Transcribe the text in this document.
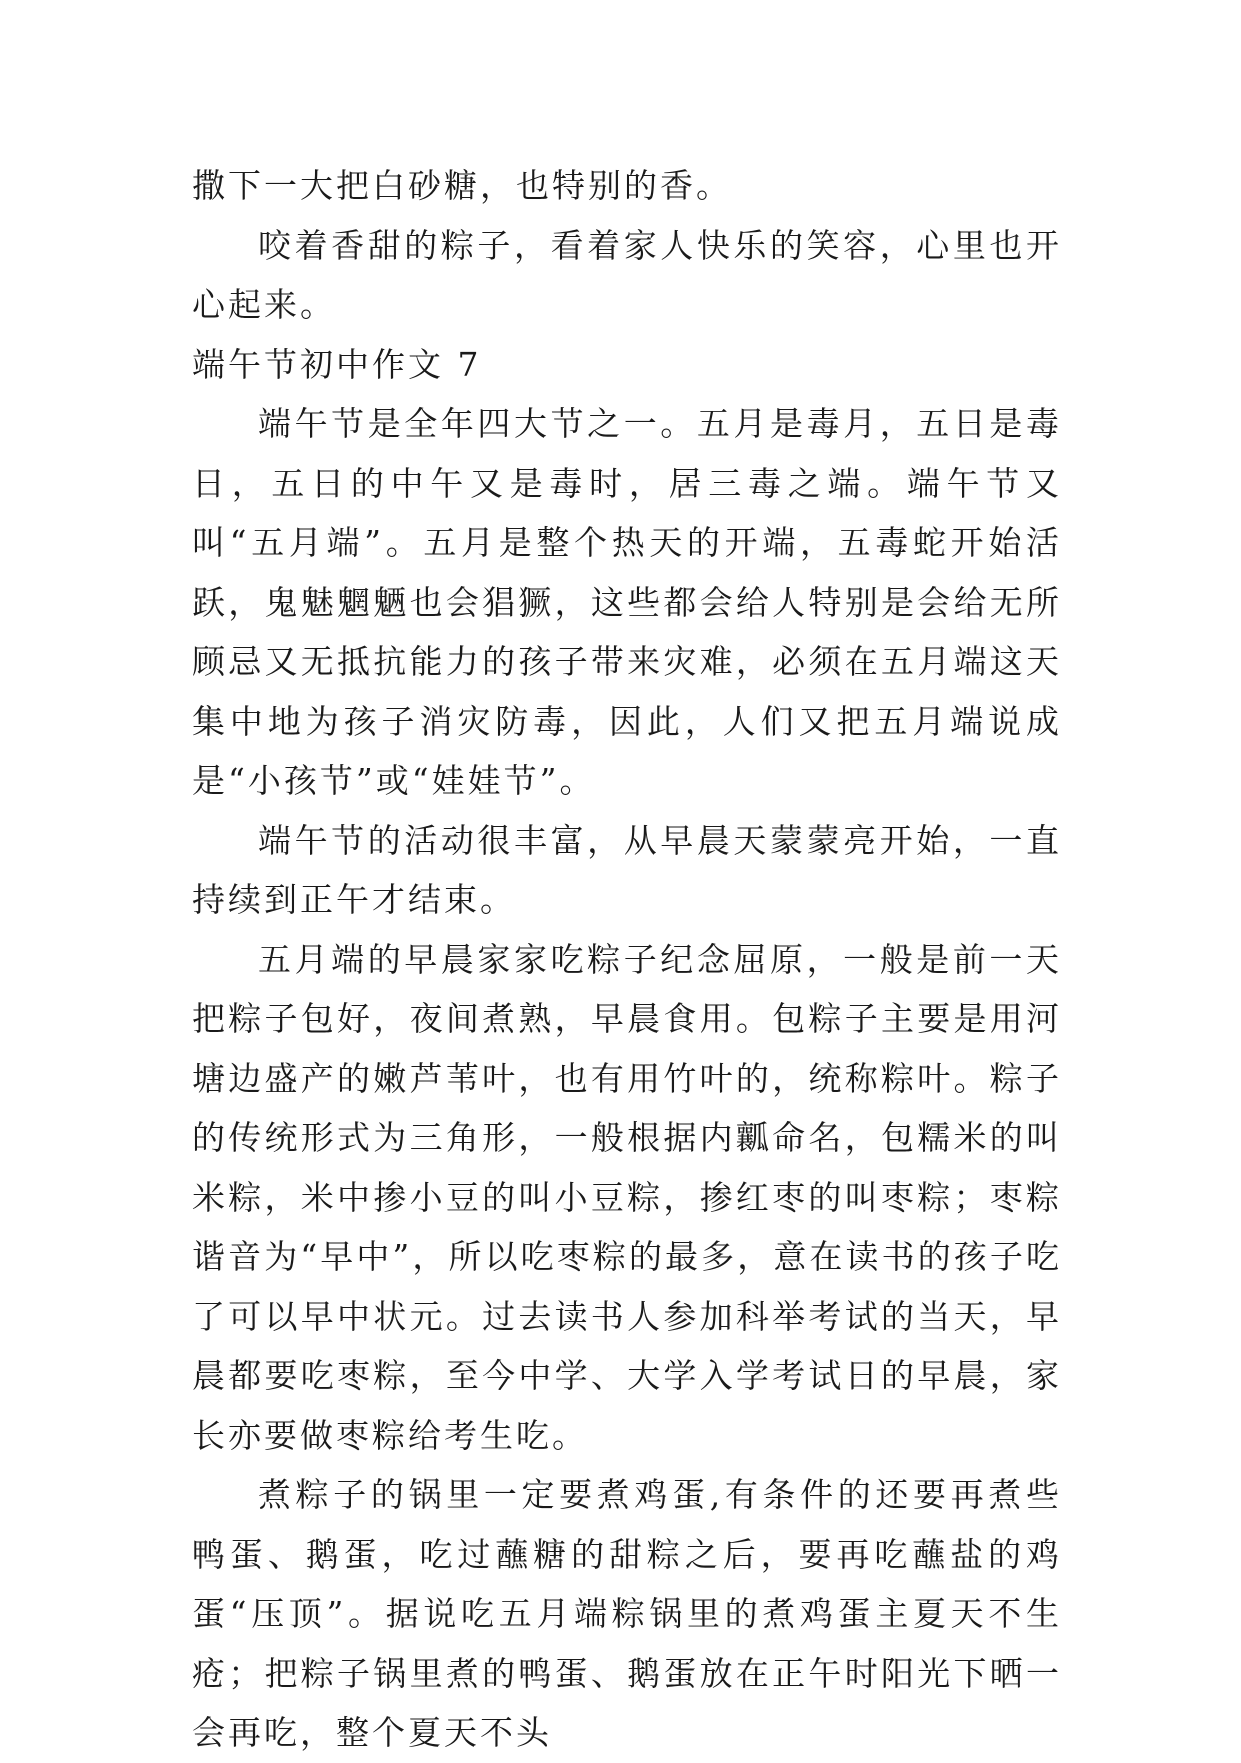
撒下一大把白砂糖，也特别的香。

咬着香甜的粽子，看着家人快乐的笑容，心里也开心起来。

端午节初中作文 7

端午节是全年四大节之一。五月是毒月，五日是毒日，五日的中午又是毒时，居三毒之端。端午节又叫“五月端”。五月是整个热天的开端，五毒蛇开始活跃，鬼魅魍魉也会猖獗，这些都会给人特别是会给无所顾忌又无抵抗能力的孩子带来灾难，必须在五月端这天集中地为孩子消灾防毒，因此，人们又把五月端说成是“小孩节”或“娃娃节”。

端午节的活动很丰富，从早晨天蒙蒙亮开始，一直持续到正午才结束。

五月端的早晨家家吃粽子纪念屈原，一般是前一天把粽子包好，夜间煮熟，早晨食用。包粽子主要是用河塘边盛产的嫩芦苇叶，也有用竹叶的，统称粽叶。粽子的传统形式为三角形，一般根据内瓤命名，包糯米的叫米粽，米中掺小豆的叫小豆粽，掺红枣的叫枣粽；枣粽谐音为“早中”，所以吃枣粽的最多，意在读书的孩子吃了可以早中状元。过去读书人参加科举考试的当天，早晨都要吃枣粽，至今中学、大学入学考试日的早晨，家长亦要做枣粽给考生吃。

煮粽子的锅里一定要煮鸡蛋,有条件的还要再煮些鸭蛋、鹅蛋，吃过蘸糖的甜粽之后，要再吃蘸盐的鸡蛋“压顶”。据说吃五月端粽锅里的煮鸡蛋主夏天不生疮；把粽子锅里煮的鸭蛋、鹅蛋放在正午时阳光下晒一会再吃，整个夏天不头
